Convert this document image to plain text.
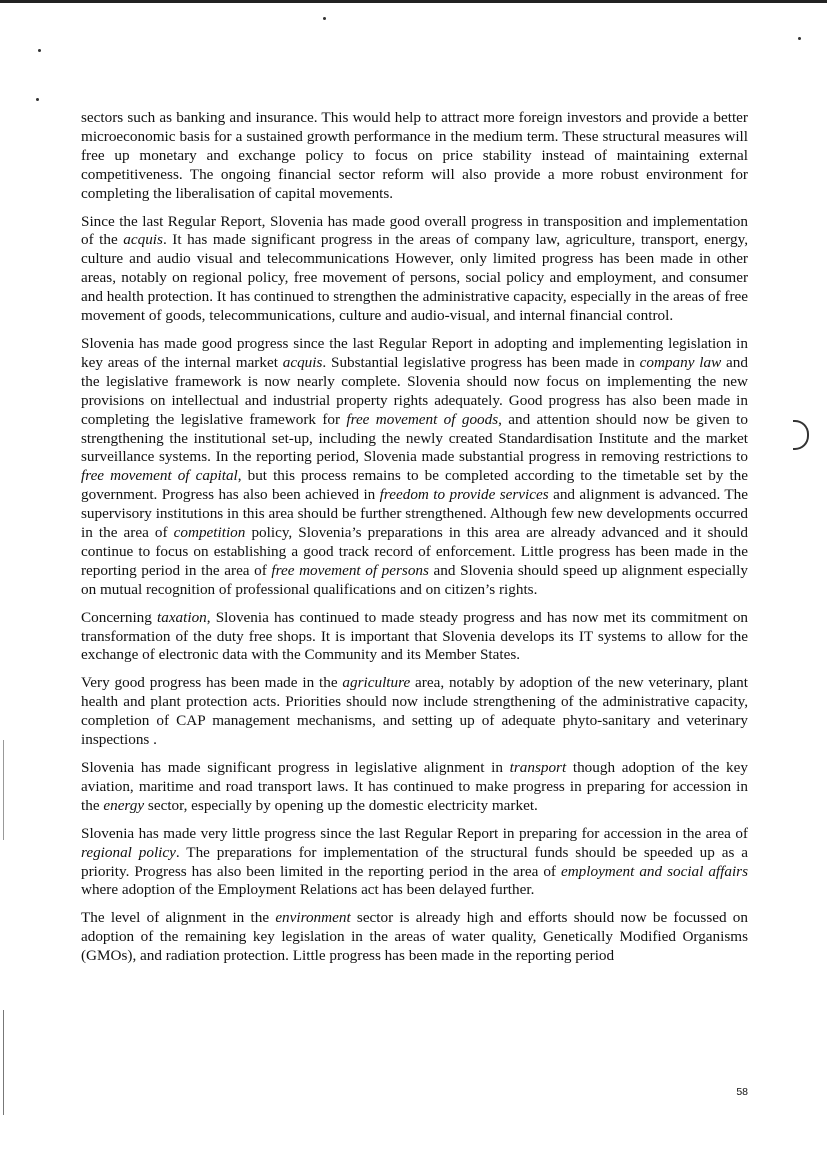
sectors such as banking and insurance. This would help to attract more foreign investors and provide a better microeconomic basis for a sustained growth performance in the medium term. These structural measures will free up monetary and exchange policy to focus on price stability instead of maintaining external competitiveness. The ongoing financial sector reform will also provide a more robust environment for completing the liberalisation of capital movements.

Since the last Regular Report, Slovenia has made good overall progress in transposition and implementation of the acquis. It has made significant progress in the areas of company law, agriculture, transport, energy, culture and audio visual and telecommunications However, only limited progress has been made in other areas, notably on regional policy, free movement of persons, social policy and employment, and consumer and health protection. It has continued to strengthen the administrative capacity, especially in the areas of free movement of goods, telecommunications, culture and audio-visual, and internal financial control.

Slovenia has made good progress since the last Regular Report in adopting and implementing legislation in key areas of the internal market acquis. Substantial legislative progress has been made in company law and the legislative framework is now nearly complete. Slovenia should now focus on implementing the new provisions on intellectual and industrial property rights adequately. Good progress has also been made in completing the legislative framework for free movement of goods, and attention should now be given to strengthening the institutional set-up, including the newly created Standardisation Institute and the market surveillance systems. In the reporting period, Slovenia made substantial progress in removing restrictions to free movement of capital, but this process remains to be completed according to the timetable set by the government. Progress has also been achieved in freedom to provide services and alignment is advanced. The supervisory institutions in this area should be further strengthened. Although few new developments occurred in the area of competition policy, Slovenia’s preparations in this area are already advanced and it should continue to focus on establishing a good track record of enforcement. Little progress has been made in the reporting period in the area of free movement of persons and Slovenia should speed up alignment especially on mutual recognition of professional qualifications and on citizen’s rights.

Concerning taxation, Slovenia has continued to made steady progress and has now met its commitment on transformation of the duty free shops. It is important that Slovenia develops its IT systems to allow for the exchange of electronic data with the Community and its Member States.

Very good progress has been made in the agriculture area, notably by adoption of the new veterinary, plant health and plant protection acts. Priorities should now include strengthening of the administrative capacity, completion of CAP management mechanisms, and setting up of adequate phyto-sanitary and veterinary inspections .

Slovenia has made significant progress in legislative alignment in transport though adoption of the key aviation, maritime and road transport laws. It has continued to make progress in preparing for accession in the energy sector, especially by opening up the domestic electricity market.

Slovenia has made very little progress since the last Regular Report in preparing for accession in the area of regional policy. The preparations for implementation of the structural funds should be speeded up as a priority. Progress has also been limited in the reporting period in the area of employment and social affairs where adoption of the Employment Relations act has been delayed further.

The level of alignment in the environment sector is already high and efforts should now be focussed on adoption of the remaining key legislation in the areas of water quality, Genetically Modified Organisms (GMOs), and radiation protection. Little progress has been made in the reporting period

58
